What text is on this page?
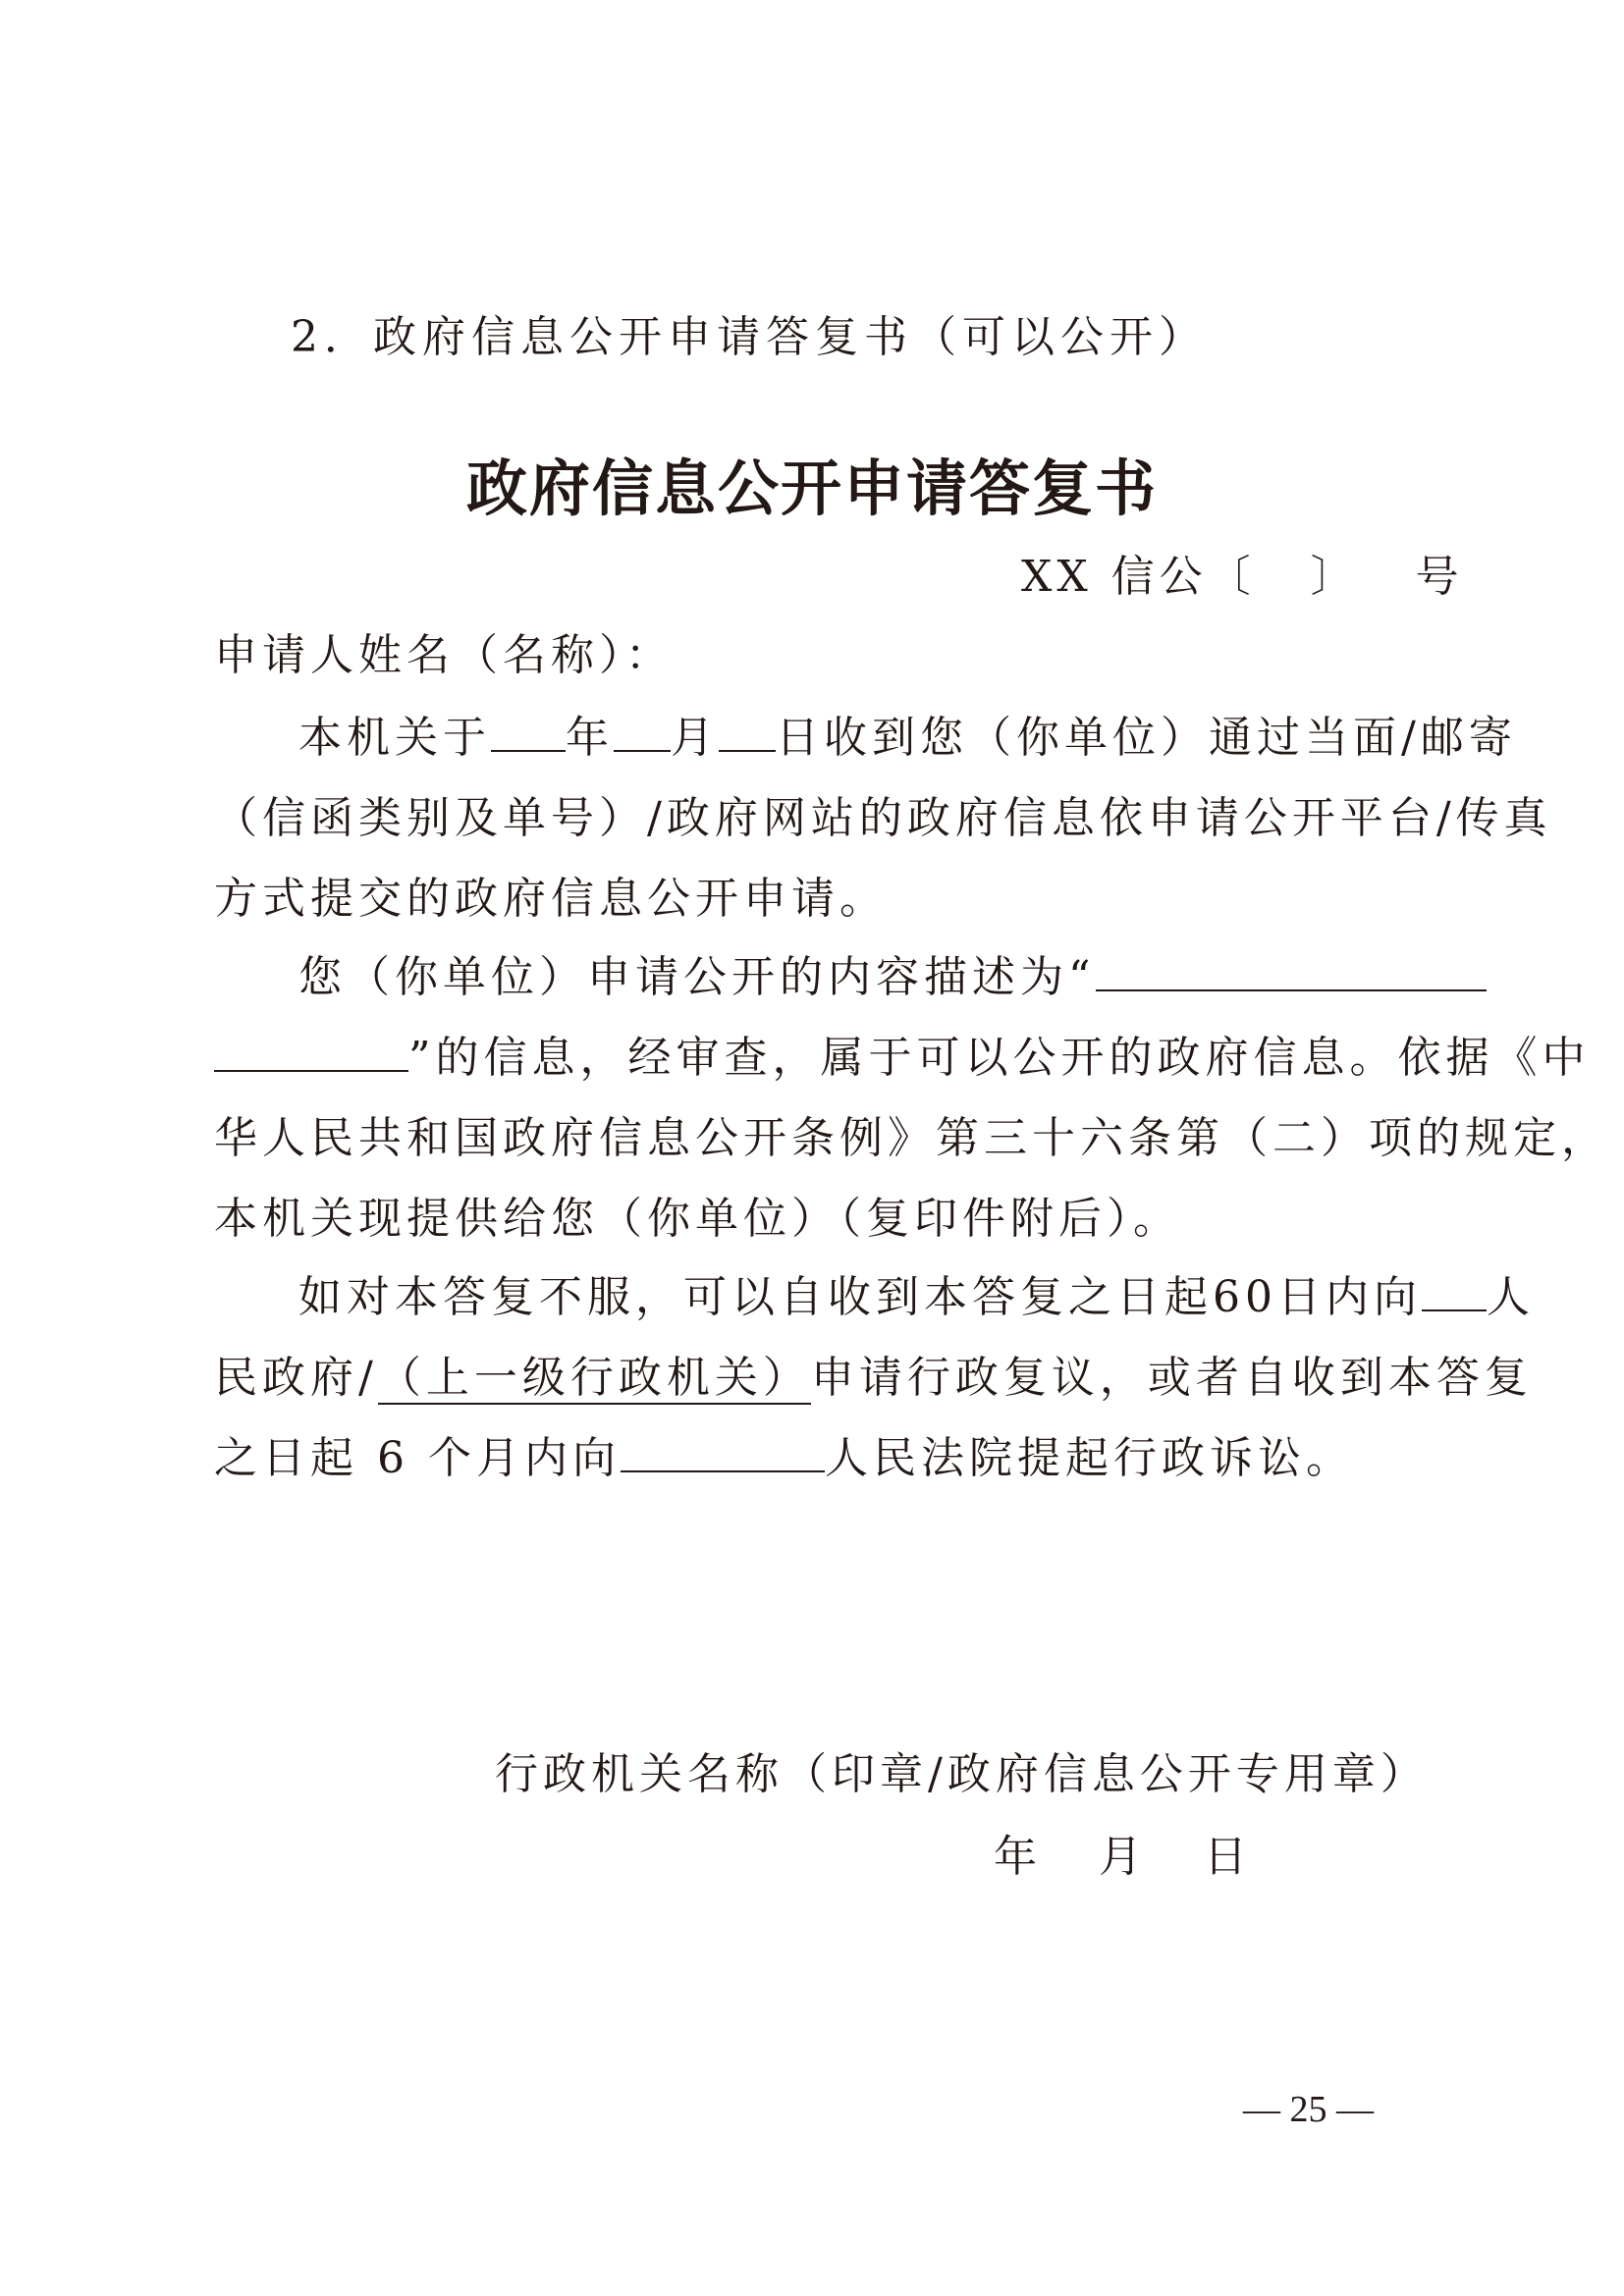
2．政府信息公开申请答复书（可以公开）
政府信息公开申请答复书
XX 信公〔 〕 号
申请人姓名（名称）：
本机关于 年 月 日收到您（你单位）通过当面/邮寄
（信函类别及单号）/政府网站的政府信息依申请公开平台/传真
方式提交的政府信息公开申请。
您（你单位）申请公开的内容描述为“
”的信息，经审查，属于可以公开的政府信息。依据《中
华人民共和国政府信息公开条例》第三十六条第（二）项的规定，
本机关现提供给您（你单位）（复印件附后）。
如对本答复不服，可以自收到本答复之日起60日内向 人
民政府/（上一级行政机关）申请行政复议，或者自收到本答复
之日起 6 个月内向	人民法院提起行政诉讼。
行政机关名称（印章/政府信息公开专用章）
年 月 日
— 25 —
